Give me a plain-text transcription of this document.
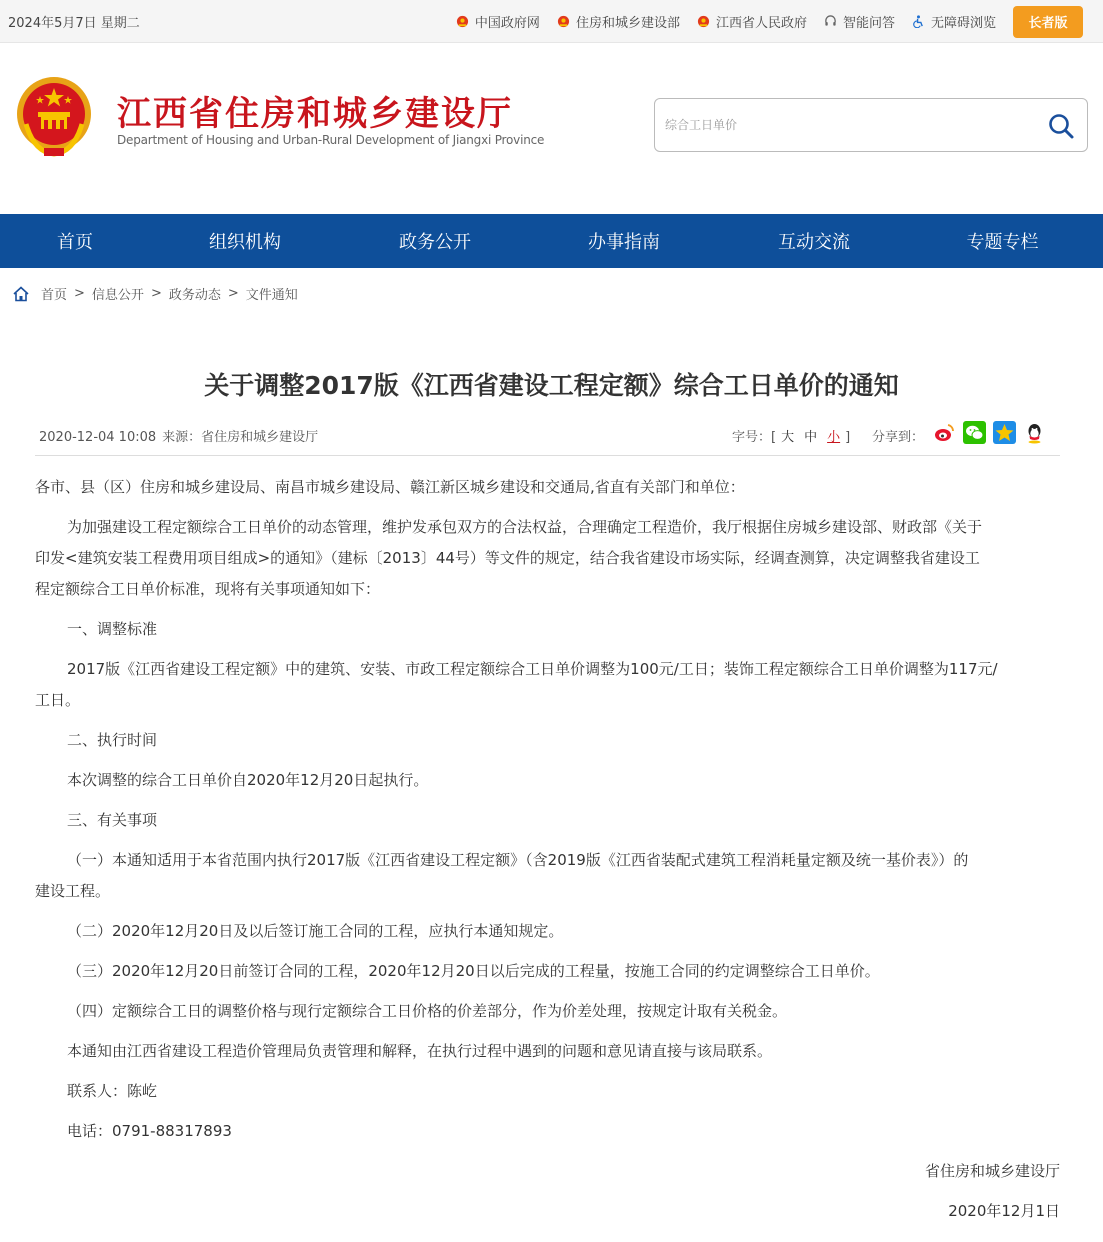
2024年5月7日 星期二	中国政府网	住房和城乡建设部	江西省人民政府	智能问答	无障碍浏览	长者版
江西省住房和城乡建设厅
Department of Housing and Urban-Rural Development of Jiangxi Province
综合工日单价
首页	组织机构	政务公开	办事指南	互动交流	专题专栏
首页 > 信息公开 > 政务动态 > 文件通知
关于调整2017版《江西省建设工程定额》综合工日单价的通知
2020-12-04 10:08 来源：省住房和城乡建设厅	字号：[ 大 中 小 ] 分享到：
各市、县（区）住房和城乡建设局、南昌市城乡建设局、赣江新区城乡建设和交通局,省直有关部门和单位：
为加强建设工程定额综合工日单价的动态管理，维护发承包双方的合法权益，合理确定工程造价，我厅根据住房城乡建设部、财政部《关于
印发<建筑安装工程费用项目组成>的通知》（建标〔2013〕44号）等文件的规定，结合我省建设市场实际，经调查测算，决定调整我省建设工
程定额综合工日单价标准，现将有关事项通知如下：
一、调整标准
2017版《江西省建设工程定额》中的建筑、安装、市政工程定额综合工日单价调整为100元/工日；装饰工程定额综合工日单价调整为117元/
工日。
二、执行时间
本次调整的综合工日单价自2020年12月20日起执行。
三、有关事项
（一）本通知适用于本省范围内执行2017版《江西省建设工程定额》（含2019版《江西省装配式建筑工程消耗量定额及统一基价表》）的
建设工程。
（二）2020年12月20日及以后签订施工合同的工程，应执行本通知规定。
（三）2020年12月20日前签订合同的工程，2020年12月20日以后完成的工程量，按施工合同的约定调整综合工日单价。
（四）定额综合工日的调整价格与现行定额综合工日价格的价差部分，作为价差处理，按规定计取有关税金。
本通知由江西省建设工程造价管理局负责管理和解释，在执行过程中遇到的问题和意见请直接与该局联系。
联系人：陈屹
电话：0791-88317893
省住房和城乡建设厅
2020年12月1日
